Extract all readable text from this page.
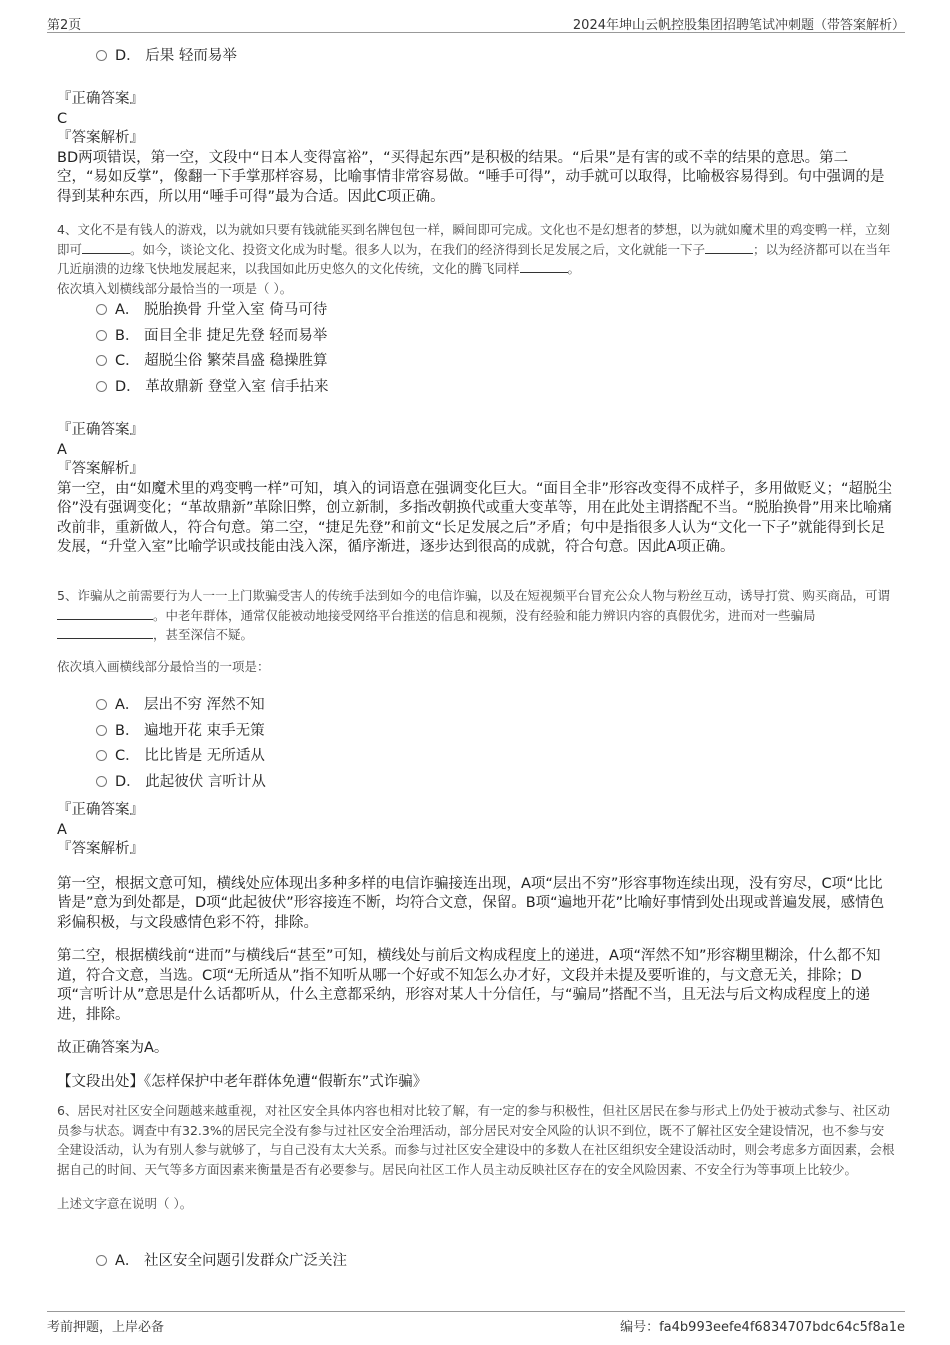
第2页	2024年坤山云帆控股集团招聘笔试冲刺题（带答案解析）
D． 后果 轻而易举

『正确答案』

C

『答案解析』

BD两项错误，第一空，文段中“日本人变得富裕”，“买得起东西”是积极的结果。“后果”是有害的或不幸的结果的意思。第二空，“易如反掌”，像翻一下手掌那样容易，比喻事情非常容易做。“唾手可得”，动手就可以取得，比喻极容易得到。句中强调的是得到某种东西，所以用“唾手可得”最为合适。因此C项正确。

4、文化不是有钱人的游戏，以为就如只要有钱就能买到名牌包包一样，瞬间即可完成。文化也不是幻想者的梦想，以为就如魔术里的鸡变鸭一样，立刻即可	。如今，谈论文化、投资文化成为时髦。很多人以为，在我们的经济得到长足发展之后，文化就能一下子	；以为经济都可以在当年几近崩溃的边缘飞快地发展起来，以我国如此历史悠久的文化传统，文化的腾飞同样	。

依次填入划横线部分最恰当的一项是（ ）。

A． 脱胎换骨 升堂入室 倚马可待
B． 面目全非 捷足先登 轻而易举
C． 超脱尘俗 繁荣昌盛 稳操胜算
D． 革故鼎新 登堂入室 信手拈来

『正确答案』

A

『答案解析』

第一空，由“如魔术里的鸡变鸭一样”可知，填入的词语意在强调变化巨大。“面目全非”形容改变得不成样子，多用做贬义；“超脱尘俗”没有强调变化；“革故鼎新”革除旧弊，创立新制，多指改朝换代或重大变革等，用在此处主谓搭配不当。“脱胎换骨”用来比喻痛改前非，重新做人，符合句意。第二空，“捷足先登”和前文“长足发展之后”矛盾；句中是指很多人认为“文化一下子”就能得到长足发展，“升堂入室”比喻学识或技能由浅入深，循序渐进，逐步达到很高的成就，符合句意。因此A项正确。

5、诈骗从之前需要行为人一一上门欺骗受害人的传统手法到如今的电信诈骗，以及在短视频平台冒充公众人物与粉丝互动，诱导打赏、购买商品，可谓。中老年群体，通常仅能被动地接受网络平台推送的信息和视频，没有经验和能力辨识内容的真假优劣，进而对一些骗局，甚至深信不疑。

依次填入画横线部分最恰当的一项是：

A． 层出不穷 浑然不知
B． 遍地开花 束手无策
C． 比比皆是 无所适从
D． 此起彼伏 言听计从

『正确答案』

A

『答案解析』

第一空，根据文意可知，横线处应体现出多种多样的电信诈骗接连出现，A项“层出不穷”形容事物连续出现，没有穷尽，C项“比比皆是”意为到处都是，D项“此起彼伏”形容接连不断，均符合文意，保留。B项“遍地开花”比喻好事情到处出现或普遍发展，感情色彩偏积极，与文段感情色彩不符，排除。

第二空，根据横线前“进而”与横线后“甚至”可知，横线处与前后文构成程度上的递进，A项“浑然不知”形容糊里糊涂，什么都不知道，符合文意，当选。C项“无所适从”指不知听从哪一个好或不知怎么办才好，文段并未提及要听谁的，与文意无关，排除；D项“言听计从”意思是什么话都听从，什么主意都采纳，形容对某人十分信任，与“骗局”搭配不当，且无法与后文构成程度上的递进，排除。

故正确答案为A。

【文段出处】《怎样保护中老年群体免遭“假靳东”式诈骗》

6、居民对社区安全问题越来越重视，对社区安全具体内容也相对比较了解，有一定的参与积极性，但社区居民在参与形式上仍处于被动式参与、社区动员参与状态。调查中有32.3%的居民完全没有参与过社区安全治理活动，部分居民对安全风险的认识不到位，既不了解社区安全建设情况，也不参与安全建设活动，认为有别人参与就够了，与自己没有太大关系。而参与过社区安全建设中的多数人在社区组织安全建设活动时，则会考虑多方面因素，会根据自己的时间、天气等多方面因素来衡量是否有必要参与。居民向社区工作人员主动反映社区存在的安全风险因素、不安全行为等事项上比较少。

上述文字意在说明（ ）。

A． 社区安全问题引发群众广泛关注
考前押题，上岸必备	编号：fa4b993eefe4f6834707bdc64c5f8a1e
